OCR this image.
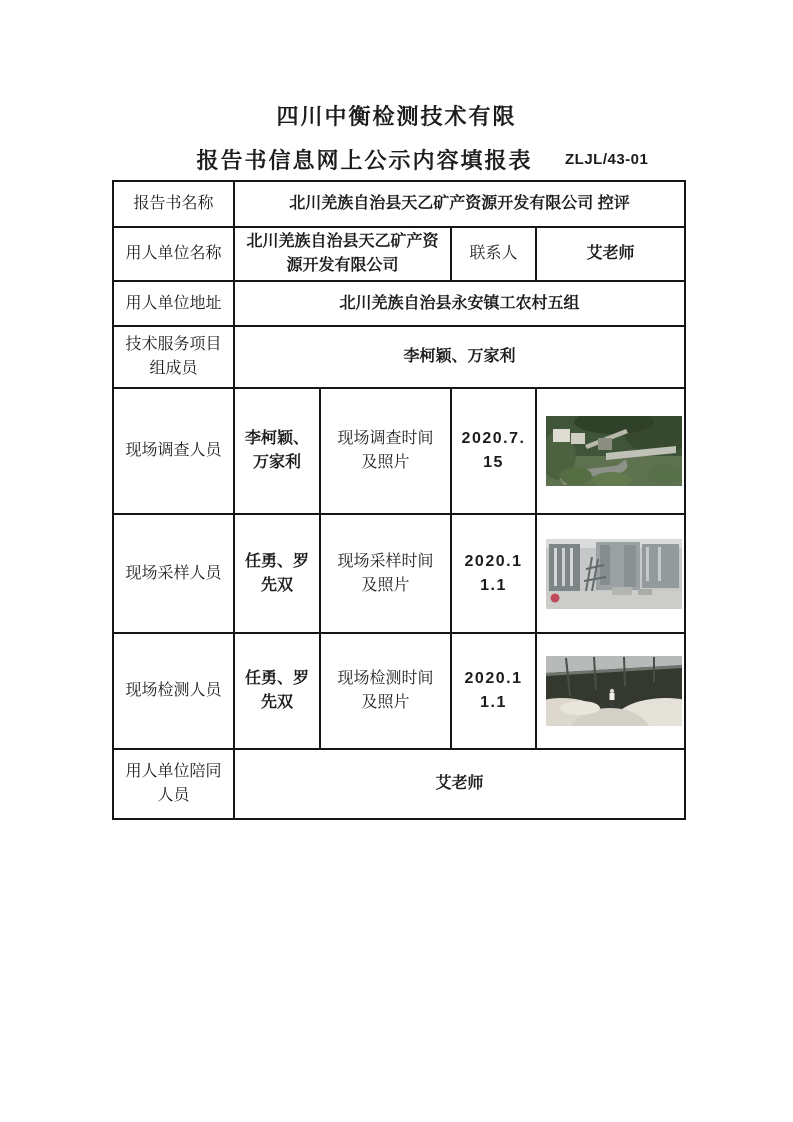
四川中衡检测技术有限
报告书信息网上公示内容填报表 ZLJL/43-01
报告书名称	北川羌族自治县天乙矿产资源开发有限公司 控评			
用人单位名称	北川羌族自治县天乙矿产资源开发有限公司		联系人	艾老师
用人单位地址	北川羌族自治县永安镇工农村五组			
技术服务项目组成员	李柯颖、万家利			
现场调查人员	李柯颖、万家利	现场调查时间及照片	2020.7.15	

现场采样人员	任勇、罗先双	现场采样时间及照片	2020.11.1	

现场检测人员	任勇、罗先双	现场检测时间及照片	2020.11.1	

用人单位陪同人员	艾老师			
